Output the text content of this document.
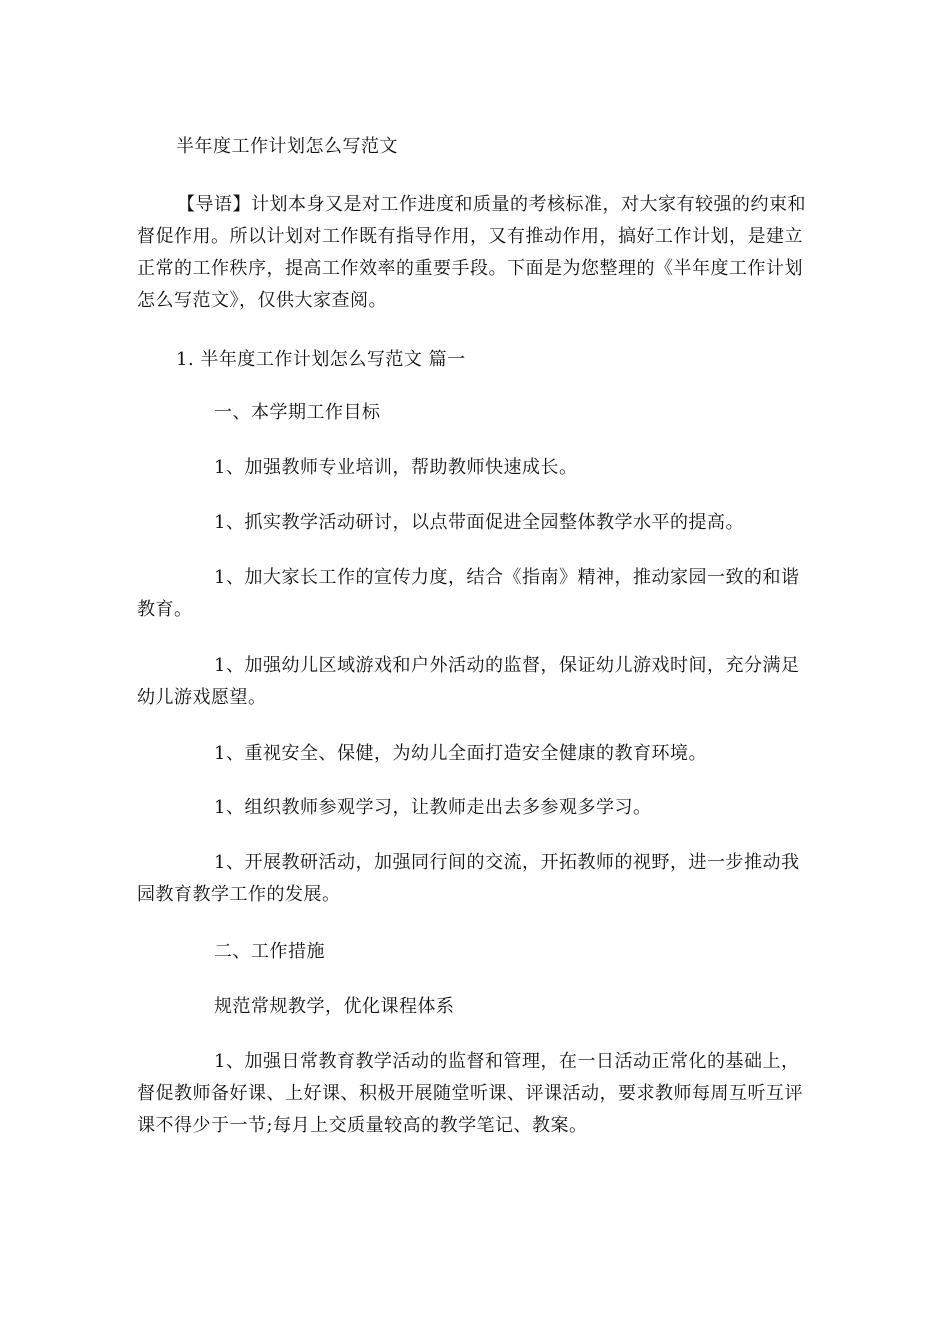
半年度工作计划怎么写范文
【导语】计划本身又是对工作进度和质量的考核标准，对大家有较强的约束和督促作用。所以计划对工作既有指导作用，又有推动作用，搞好工作计划，是建立正常的工作秩序，提高工作效率的重要手段。下面是为您整理的《半年度工作计划怎么写范文》，仅供大家查阅。
1. 半年度工作计划怎么写范文 篇一
一、本学期工作目标
1、加强教师专业培训，帮助教师快速成长。
1、抓实教学活动研讨，以点带面促进全园整体教学水平的提高。
1、加大家长工作的宣传力度，结合《指南》精神，推动家园一致的和谐教育。
1、加强幼儿区域游戏和户外活动的监督，保证幼儿游戏时间，充分满足幼儿游戏愿望。
1、重视安全、保健，为幼儿全面打造安全健康的教育环境。
1、组织教师参观学习，让教师走出去多参观多学习。
1、开展教研活动，加强同行间的交流，开拓教师的视野，进一步推动我园教育教学工作的发展。
二、工作措施
规范常规教学，优化课程体系
1、加强日常教育教学活动的监督和管理，在一日活动正常化的基础上，督促教师备好课、上好课、积极开展随堂听课、评课活动，要求教师每周互听互评课不得少于一节;每月上交质量较高的教学笔记、教案。
